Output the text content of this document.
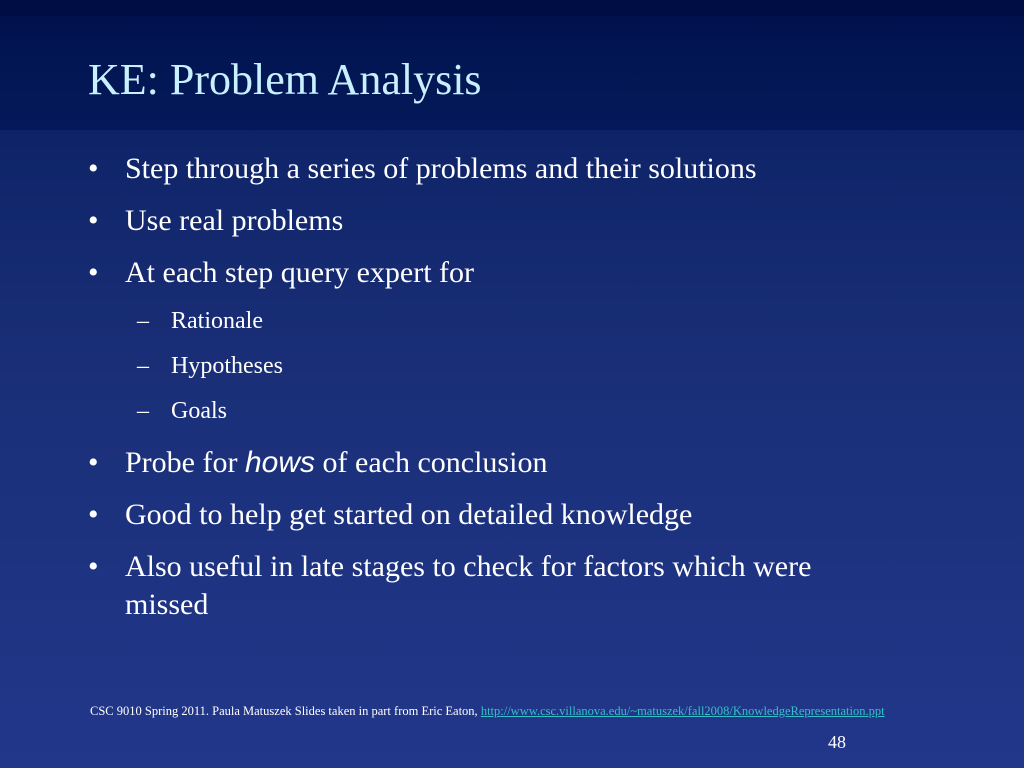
KE: Problem Analysis
• Step through a series of problems and their solutions
• Use real problems
• At each step query expert for
– Rationale
– Hypotheses
– Goals
• Probe for hows of each conclusion
• Good to help get started on detailed knowledge
• Also useful in late stages to check for factors which were
missed
CSC 9010 Spring 2011. Paula Matuszek Slides taken in part from Eric Eaton, http://www.csc.villanova.edu/~matuszek/fall2008/KnowledgeRepresentation.ppt
48
